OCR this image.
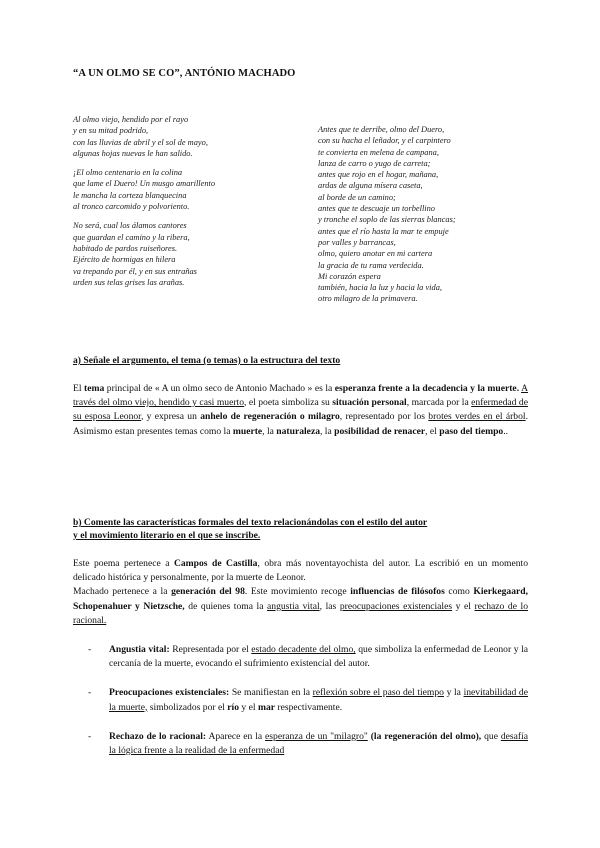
“A UN OLMO SE CO”, ANTÓNIO MACHADO
Al olmo viejo, hendido por el rayo
y en su mitad podrido,
con las lluvias de abril y el sol de mayo,
algunas hojas nuevas le han salido.
¡El olmo centenario en la colina
que lame el Duero! Un musgo amarillento
le mancha la corteza blanquecina
al tronco carcomido y polvoriento.
No será, cual los álamos cantores
que guardan el camino y la ribera,
habitado de pardos ruiseñores.
Ejército de hormigas en hilera
va trepando por él, y en sus entrañas
urden sus telas grises las arañas.
Antes que te derribe, olmo del Duero,
con su hacha el leñador, y el carpintero
te convierta en melena de campana,
lanza de carro o yugo de carreta;
antes que rojo en el hogar, mañana,
ardas de alguna mísera caseta,
al borde de un camino;
antes que te descuaje un torbellino
y tronche el soplo de las sierras blancas;
antes que el río hasta la mar te empuje
por valles y barrancas,
olmo, quiero anotar en mi cartera
la gracia de tu rama verdecida.
Mi corazón espera
también, hacia la luz y hacia la vida,
otro milagro de la primavera.
a) Señale el argumento, el tema (o temas) o la estructura del texto
El tema principal de « A un olmo seco de Antonio Machado » es la esperanza frente a la decadencia y la muerte. A través del olmo viejo, hendido y casi muerto, el poeta simboliza su situación personal, marcada por la enfermedad de su esposa Leonor, y expresa un anhelo de regeneración o milagro, representado por los brotes verdes en el árbol. Asimismo estan presentes temas como la muerte, la naturaleza, la posibilidad de renacer, el paso del tiempo..
b) Comente las características formales del texto relacionándolas con el estilo del autor
y el movimiento literario en el que se inscribe.
Este poema pertenece a Campos de Castilla, obra más noventayochista del autor. La escribió en un momento delicado histórica y personalmente, por la muerte de Leonor.
Machado pertenece a la generación del 98. Este movimiento recoge influencias de filósofos como Kierkegaard, Schopenahuer y Nietzsche, de quienes toma la angustia vital, las preocupaciones existenciales y el rechazo de lo racional.
- Angustia vital: Representada por el estado decadente del olmo, que simboliza la enfermedad de Leonor y la cercanía de la muerte, evocando el sufrimiento existencial del autor.
- Preocupaciones existenciales: Se manifiestan en la reflexión sobre el paso del tiempo y la inevitabilidad de la muerte, simbolizados por el río y el mar respectivamente.
- Rechazo de lo racional: Aparece en la esperanza de un "milagro" (la regeneración del olmo), que desafía la lógica frente a la realidad de la enfermedad
